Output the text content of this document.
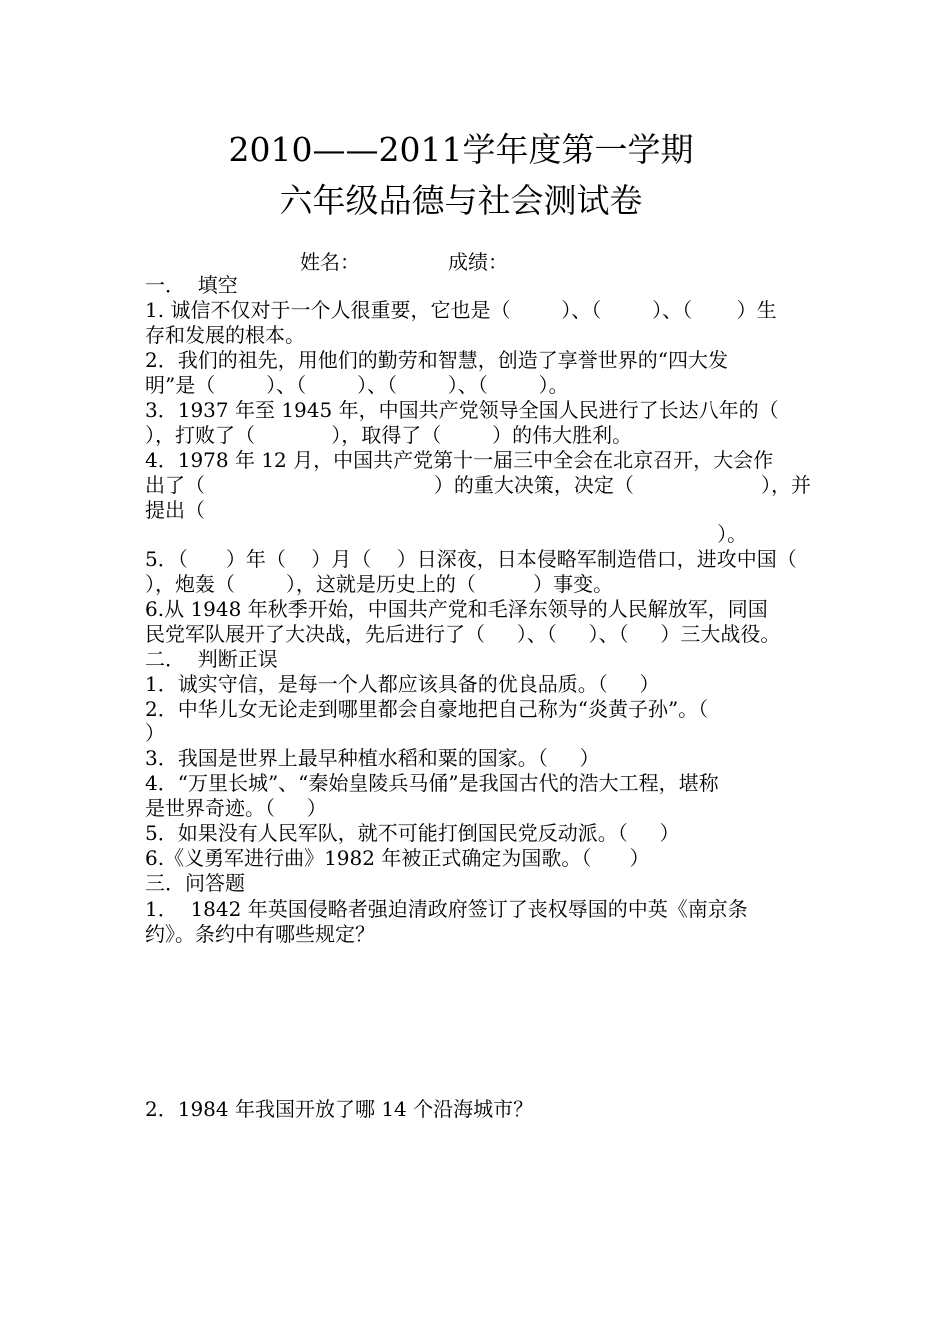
2010——2011学年度第一学期
六年级品德与社会测试卷
姓名：	成绩：
一．  填空
1. 诚信不仅对于一个人很重要，它也是（        ）、（        ）、（       ）生
存和发展的根本。
2．我们的祖先，用他们的勤劳和智慧，创造了享誉世界的“四大发
明”是（        ）、（        ）、（        ）、（        ）。
3．1937 年至 1945 年，中国共产党领导全国人民进行了长达八年的（
），打败了（            ），取得了（        ）的伟大胜利。
4．1978 年 12 月，中国共产党第十一届三中全会在北京召开，大会作
出了（                                    ）的重大决策，决定（                    ），并
提出（
）。
5．（      ）年（    ）月（    ）日深夜，日本侵略军制造借口，进攻中国（
），炮轰（        ），这就是历史上的（         ）事变。
6.从 1948 年秋季开始，中国共产党和毛泽东领导的人民解放军，同国
民党军队展开了大决战，先后进行了（     ）、（     ）、（     ）三大战役。
二．  判断正误
1．诚实守信，是每一个人都应该具备的优良品质。（     ）
2．中华儿女无论走到哪里都会自豪地把自己称为“炎黄子孙”。（
）
3．我国是世界上最早种植水稻和粟的国家。（     ）
4．“万里长城”、“秦始皇陵兵马俑”是我国古代的浩大工程，堪称
是世界奇迹。（     ）
5．如果没有人民军队，就不可能打倒国民党反动派。（     ）
6.《义勇军进行曲》1982 年被正式确定为国歌。（      ）
三．问答题
1．  1842 年英国侵略者强迫清政府签订了丧权辱国的中英《南京条
约》。条约中有哪些规定？
2．1984 年我国开放了哪 14 个沿海城市？
